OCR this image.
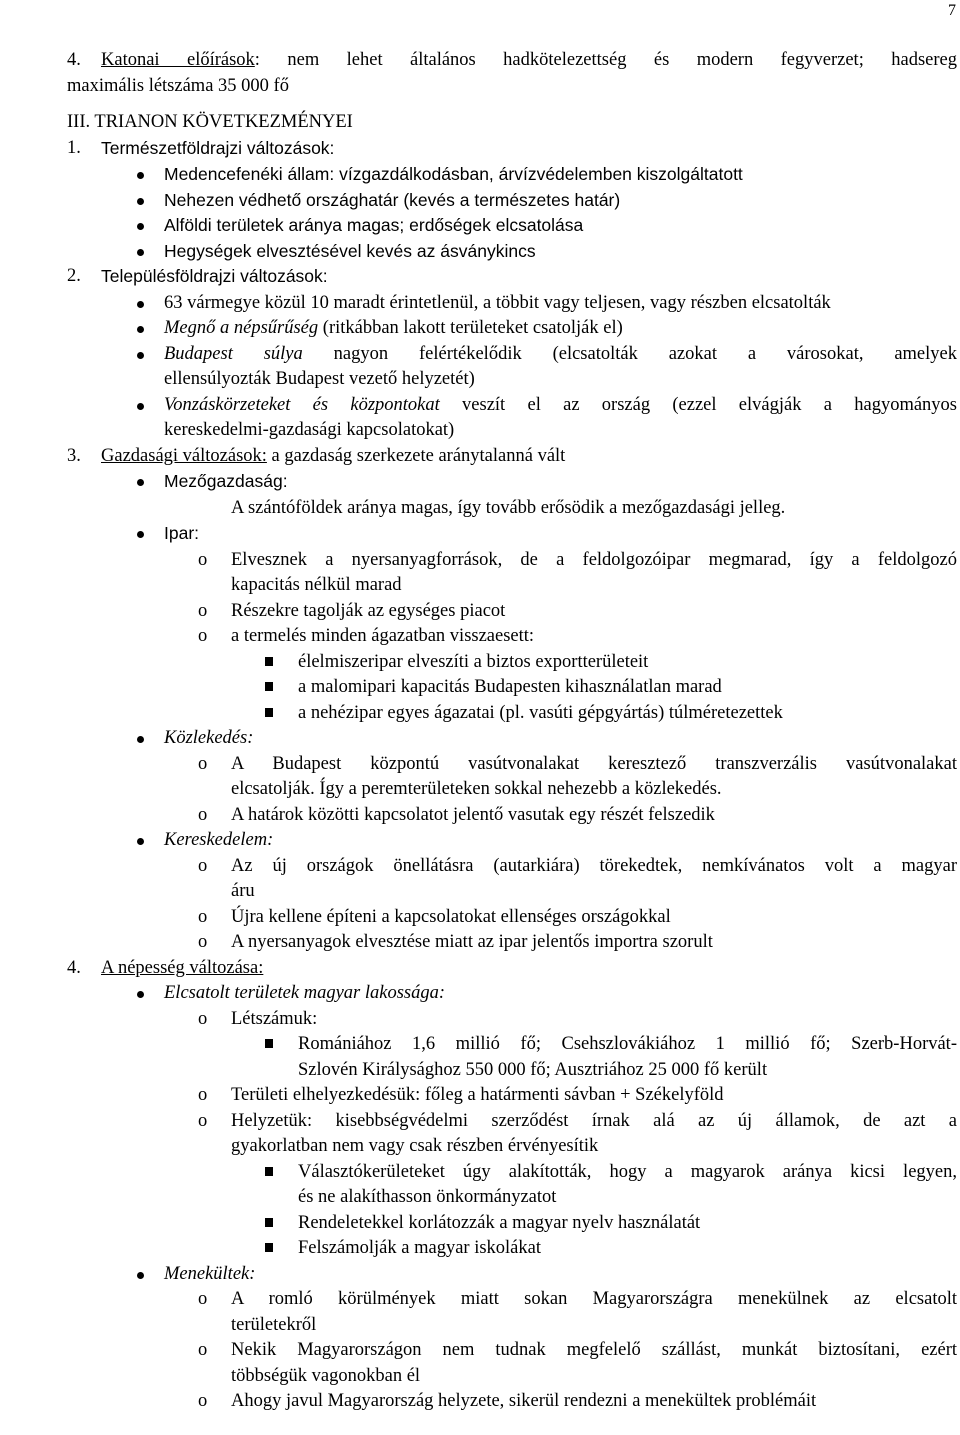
7
4. Katonai előírások: nem lehet általános hadkötelezettség és modern fegyverzet; hadsereg
maximális létszáma 35 000 fő
III. TRIANON KÖVETKEZMÉNYEI
1. Természetföldrajzi változások:
Medencefenéki állam: vízgazdálkodásban, árvízvédelemben kiszolgáltatott
Nehezen védhető országhatár (kevés a természetes határ)
Alföldi területek aránya magas; erdőségek elcsatolása
Hegységek elvesztésével kevés az ásványkincs
2. Településföldrajzi változások:
63 vármegye közül 10 maradt érintetlenül, a többit vagy teljesen, vagy részben elcsatolták
Megnő a népsűrűség (ritkábban lakott területeket csatolják el)
Budapest súlya nagyon felértékelődik (elcsatolták azokat a városokat, amelyek
ellensúlyozták Budapest vezető helyzetét)
Vonzáskörzeteket és központokat veszít el az ország (ezzel elvágják a hagyományos
kereskedelmi-gazdasági kapcsolatokat)
3. Gazdasági változások: a gazdaság szerkezete aránytalanná vált
Mezőgazdaság:
A szántóföldek aránya magas, így tovább erősödik a mezőgazdasági jelleg.
Ipar:
o Elvesznek a nyersanyagforrások, de a feldolgozóipar megmarad, így a feldolgozó
kapacitás nélkül marad
o Részekre tagolják az egységes piacot
o a termelés minden ágazatban visszaesett:
élelmiszeripar elveszíti a biztos exportterületeit
a malomipari kapacitás Budapesten kihasználatlan marad
a nehézipar egyes ágazatai (pl. vasúti gépgyártás) túlméretezettek
Közlekedés:
o A Budapest központú vasútvonalakat keresztező transzverzális vasútvonalakat
elcsatolják. Így a peremterületeken sokkal nehezebb a közlekedés.
o A határok közötti kapcsolatot jelentő vasutak egy részét felszedik
Kereskedelem:
o Az új országok önellátásra (autarkiára) törekedtek, nemkívánatos volt a magyar
áru
o Újra kellene építeni a kapcsolatokat ellenséges országokkal
o A nyersanyagok elvesztése miatt az ipar jelentős importra szorult
4. A népesség változása:
Elcsatolt területek magyar lakossága:
o Létszámuk:
Romániához 1,6 millió fő; Csehszlovákiához 1 millió fő; Szerb-Horvát-
Szlovén Királysághoz 550 000 fő; Ausztriához 25 000 fő került
o Területi elhelyezkedésük: főleg a határmenti sávban + Székelyföld
o Helyzetük: kisebbségvédelmi szerződést írnak alá az új államok, de azt a
gyakorlatban nem vagy csak részben érvényesítik
Választókerületeket úgy alakították, hogy a magyarok aránya kicsi legyen,
és ne alakíthasson önkormányzatot
Rendeletekkel korlátozzák a magyar nyelv használatát
Felszámolják a magyar iskolákat
Menekültek:
o A romló körülmények miatt sokan Magyarországra menekülnek az elcsatolt
területekről
o Nekik Magyarországon nem tudnak megfelelő szállást, munkát biztosítani, ezért
többségük vagonokban él
o Ahogy javul Magyarország helyzete, sikerül rendezni a menekültek problémáit
